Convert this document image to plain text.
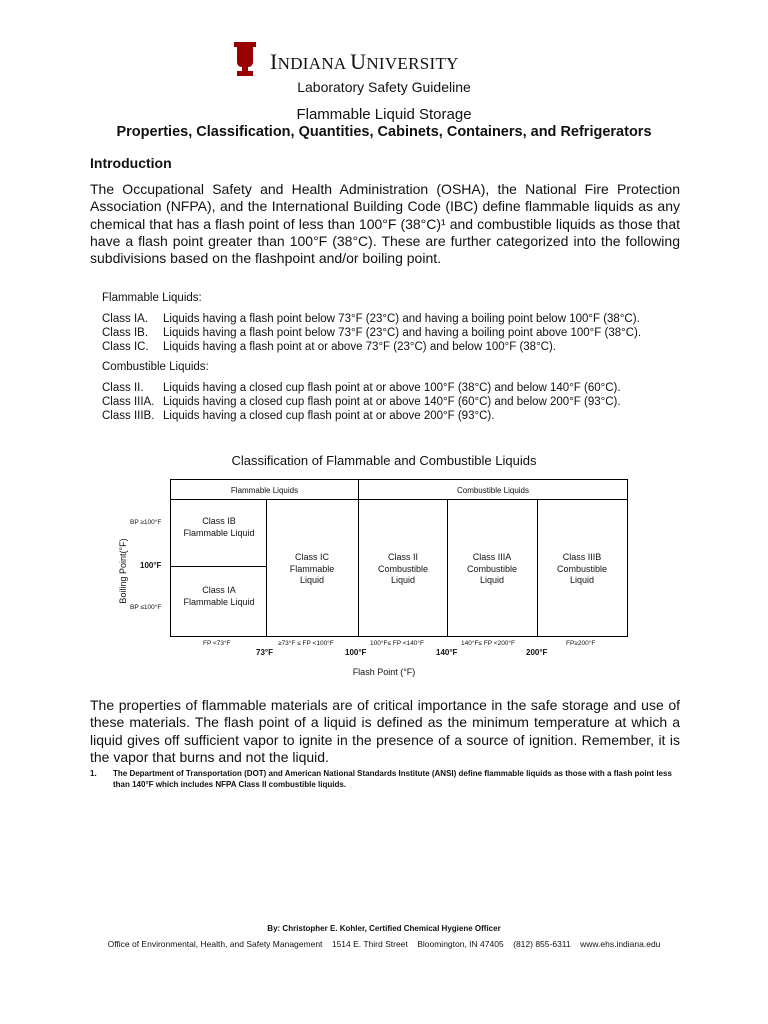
INDIANA UNIVERSITY
Laboratory Safety Guideline
Flammable Liquid Storage
Properties, Classification, Quantities, Cabinets, Containers, and Refrigerators
Introduction
The Occupational Safety and Health Administration (OSHA), the National Fire Protection Association (NFPA), and the International Building Code (IBC) define flammable liquids as any chemical that has a flash point of less than 100°F (38°C)¹ and combustible liquids as those that have a flash point greater than 100°F (38°C). These are further categorized into the following subdivisions based on the flashpoint and/or boiling point.
Flammable Liquids:
Class IA. Liquids having a flash point below 73°F (23°C) and having a boiling point below 100°F (38°C).
Class IB. Liquids having a flash point below 73°F (23°C) and having a boiling point above 100°F (38°C).
Class IC. Liquids having a flash point at or above 73°F (23°C) and below 100°F (38°C).
Combustible Liquids:
Class II. Liquids having a closed cup flash point at or above 100°F (38°C) and below 140°F (60°C).
Class IIIA. Liquids having a closed cup flash point at or above 140°F (60°C) and below 200°F (93°C).
Class IIIB. Liquids having a closed cup flash point at or above 200°F (93°C).
Classification of Flammable and Combustible Liquids
Flammable Liquids	Combustible Liquids
Class IB Flammable Liquid
Class IA Flammable Liquid
Class IC Flammable Liquid
Class II Combustible Liquid
Class IIIA Combustible Liquid
Class IIIB Combustible Liquid
Boiling Point(°F)
BP ≥100°F
100°F
BP ≤100°F
FP <73°F	≥73°F ≤ FP <100°F	100°F≤ FP <140°F	140°F≤ FP <200°F	FP≥200°F
73°F	100°F	140°F	200°F
Flash Point (°F)
The properties of flammable materials are of critical importance in the safe storage and use of these materials. The flash point of a liquid is defined as the minimum temperature at which a liquid gives off sufficient vapor to ignite in the presence of a source of ignition. Remember, it is the vapor that burns and not the liquid.
1. The Department of Transportation (DOT) and American National Standards Institute (ANSI) define flammable liquids as those with a flash point less than 140°F which includes NFPA Class II combustible liquids.
By: Christopher E. Kohler, Certified Chemical Hygiene Officer
Office of Environmental, Health, and Safety Management    1514 E. Third Street    Bloomington, IN 47405    (812) 855-6311    www.ehs.indiana.edu
